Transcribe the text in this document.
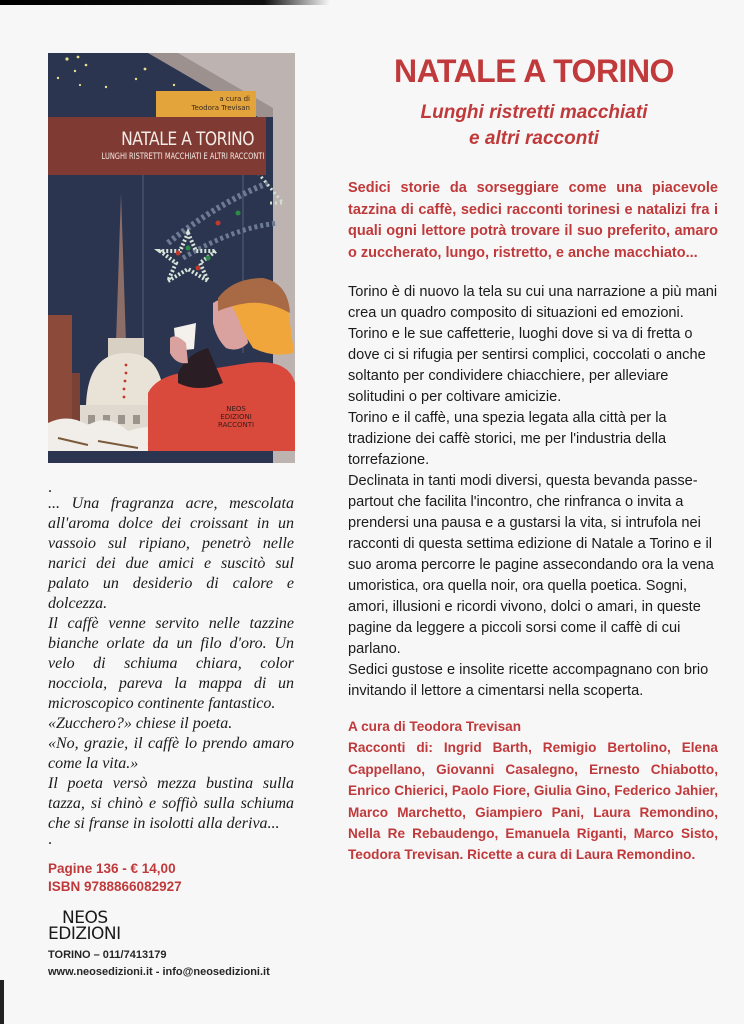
a cura di
Teodora Trevisan
NATALE A TORINO
LUNGHI RISTRETTI MACCHIATI E ALTRI RACCONTI
NEOS
EDIZIONI
RACCONTI

.

... Una fragranza acre, mescolata all'aroma dolce dei croissant in un vassoio sul ripiano, penetrò nelle narici dei due amici e suscitò sul palato un desiderio di calore e dolcezza.

Il caffè venne servito nelle tazzine bianche orlate da un filo d'oro. Un velo di schiuma chiara, color nocciola, pareva la mappa di un microscopico continente fantastico.

«Zucchero?» chiese il poeta.

«No, grazie, il caffè lo prendo amaro come la vita.»

Il poeta versò mezza bustina sulla tazza, si chinò e soffiò sulla schiuma che si franse in isolotti alla deriva...

.

Pagine 136 - € 14,00
ISBN 9788866082927
NEOS
EDIZIONI
TORINO – 011/7413179
www.neosedizioni.it - info@neosedizioni.it
NATALE A TORINO
Lunghi ristretti macchiati
e altri racconti
Sedici storie da sorseggiare come una piacevole tazzina di caffè, sedici racconti torinesi e natalizi fra i quali ogni lettore potrà trovare il suo preferito, amaro o zuccherato, lungo, ristretto, e anche macchiato...

Torino è di nuovo la tela su cui una narrazione a più mani crea un quadro composito di situazioni ed emozioni.

Torino e le sue caffetterie, luoghi dove si va di fretta o dove ci si rifugia per sentirsi complici, coccolati o anche soltanto per condividere chiacchiere, per alleviare solitudini o per coltivare amicizie.

Torino e il caffè, una spezia legata alla città per la tradizione dei caffè storici, me per l'industria della torrefazione.

Declinata in tanti modi diversi, questa bevanda passe-partout che facilita l'incontro, che rinfranca o invita a prendersi una pausa e a gustarsi la vita, si intrufola nei racconti di questa settima edizione di Natale a Torino e il suo aroma percorre le pagine assecondando ora la vena umoristica, ora quella noir, ora quella poetica. Sogni, amori, illusioni e ricordi vivono, dolci o amari, in queste pagine da leggere a piccoli sorsi come il caffè di cui parlano.

Sedici gustose e insolite ricette accompagnano con brio invitando il lettore a cimentarsi nella scoperta.

A cura di Teodora Trevisan

Racconti di: Ingrid Barth, Remigio Bertolino, Elena Cappellano, Giovanni Casalegno, Ernesto Chiabotto, Enrico Chierici, Paolo Fiore, Giulia Gino, Federico Jahier, Marco Marchetto, Giampiero Pani, Laura Remondino, Nella Re Rebaudengo, Emanuela Riganti, Marco Sisto, Teodora Trevisan. Ricette a cura di Laura Remondino.
